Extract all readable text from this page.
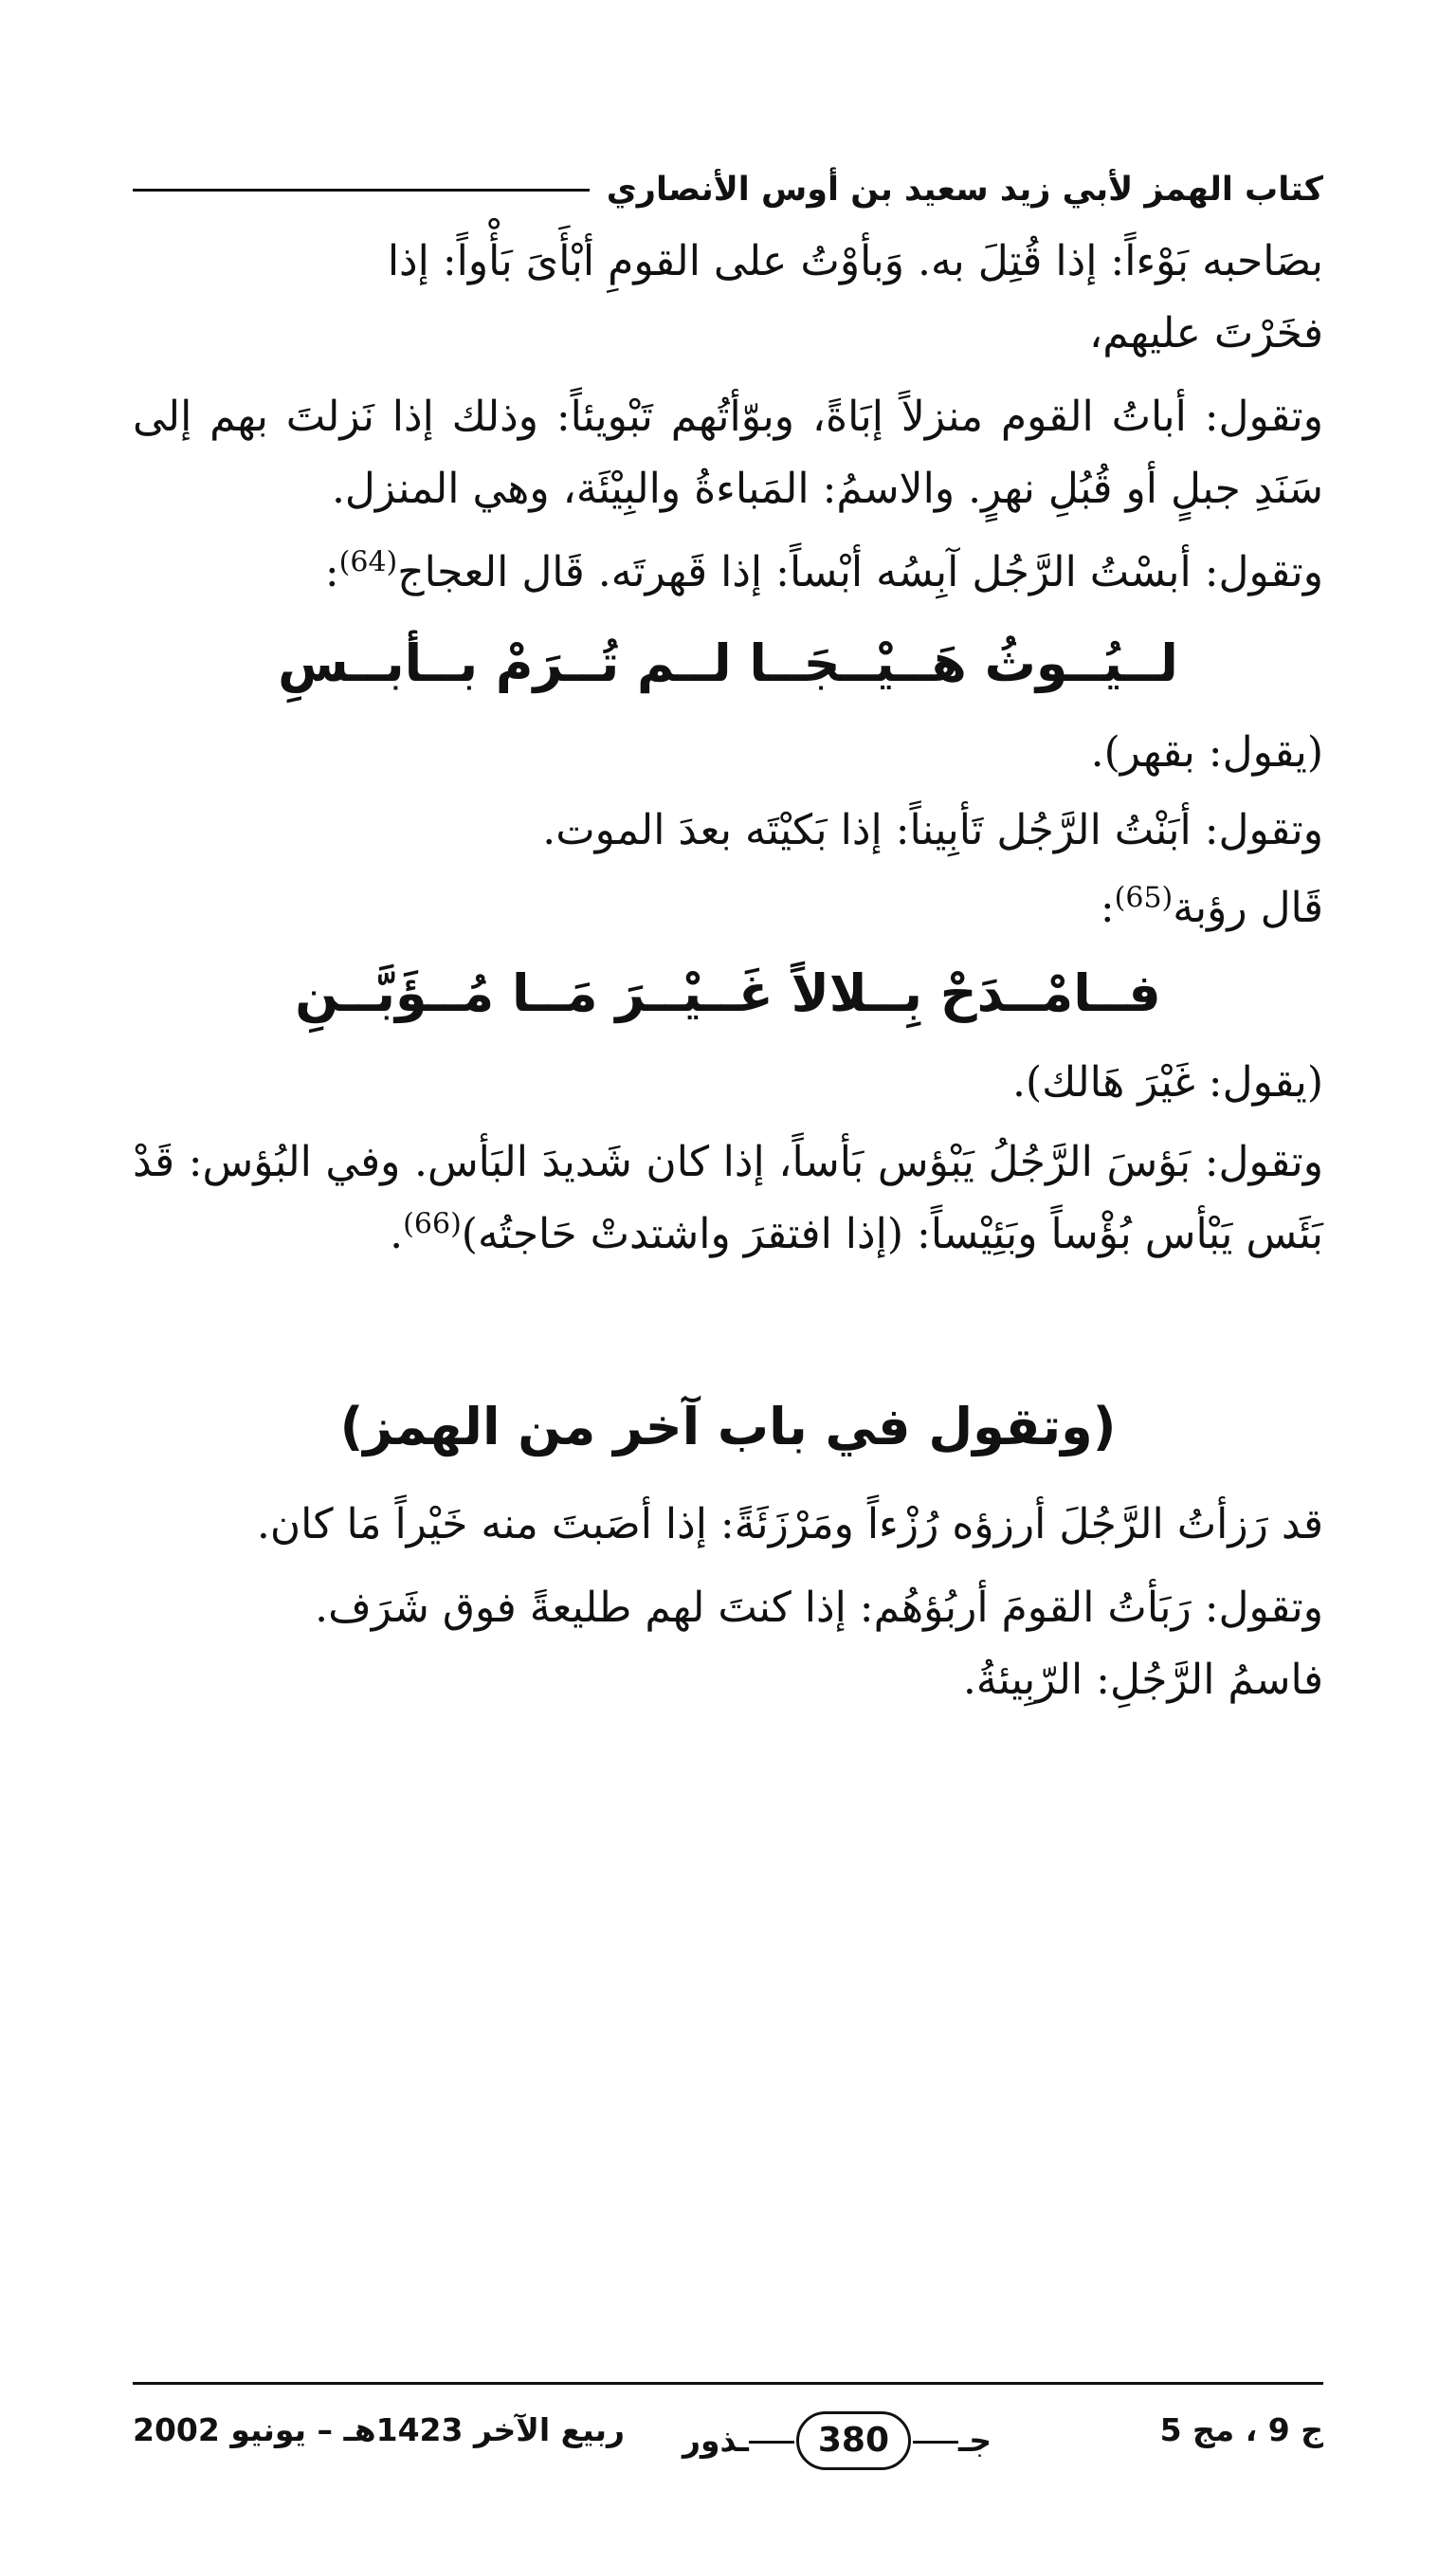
كتاب الهمز لأبي زيد سعيد بن أوس الأنصاري
بصَاحبه بَوْءاً: إذا قُتِلَ به. وَبأوْتُ على القومِ أبْأَىَ بَأْواً: إذا
فخَرْتَ عليهم،
وتقول: أباتُ القوم منزلاً إبَاةً، وبوّأتُهم تَبْويئاً: وذلك إذا نَزلتَ بهم إلى سَنَدِ جبلٍ أو قُبُلِ نهرٍ. والاسمُ: المَباءةُ والبِيْئَة، وهي المنزل.
وتقول: أبسْتُ الرَّجُل آبِسُه أبْساً: إذا قَهرتَه. قَال العجاج$^{(64)}$:
لــيُــوثُ هَــيْــجَــا لــم تُــرَمْ بــأبــسِ
(يقول: بقهر).
وتقول: أبَنْتُ الرَّجُل تَأبِيناً: إذا بَكيْتَه بعدَ الموت.
قَال رؤبة$^{(65)}$:
فــامْــدَحْ بِــلالاً غَــيْــرَ مَــا مُــؤَبَّــنِ
(يقول: غَيْرَ هَالك).
وتقول: بَؤسَ الرَّجُلُ يَبْؤس بَأساً، إذا كان شَديدَ البَأس. وفي البُؤس: قَدْ بَئَس يَبْأس بُؤْساً وبَئِيْساً: (إذا افتقرَ واشتدتْ حَاجتُه)$^{(66)}$.
(وتقول في باب آخر من الهمز)
قد رَزأتُ الرَّجُلَ أرزؤه رُزْءاً ومَرْزَئَةً: إذا أصَبتَ منه خَيْراً مَا كان.
وتقول: رَبَأتُ القومَ أربُؤهُم: إذا كنتَ لهم طليعةً فوق شَرَف.
فاسمُ الرَّجُلِ: الرّبِيئةُ.
ج 9 ، مج 5
جـ380ـذور
ربيع الآخر 1423هـ – يونيو 2002
